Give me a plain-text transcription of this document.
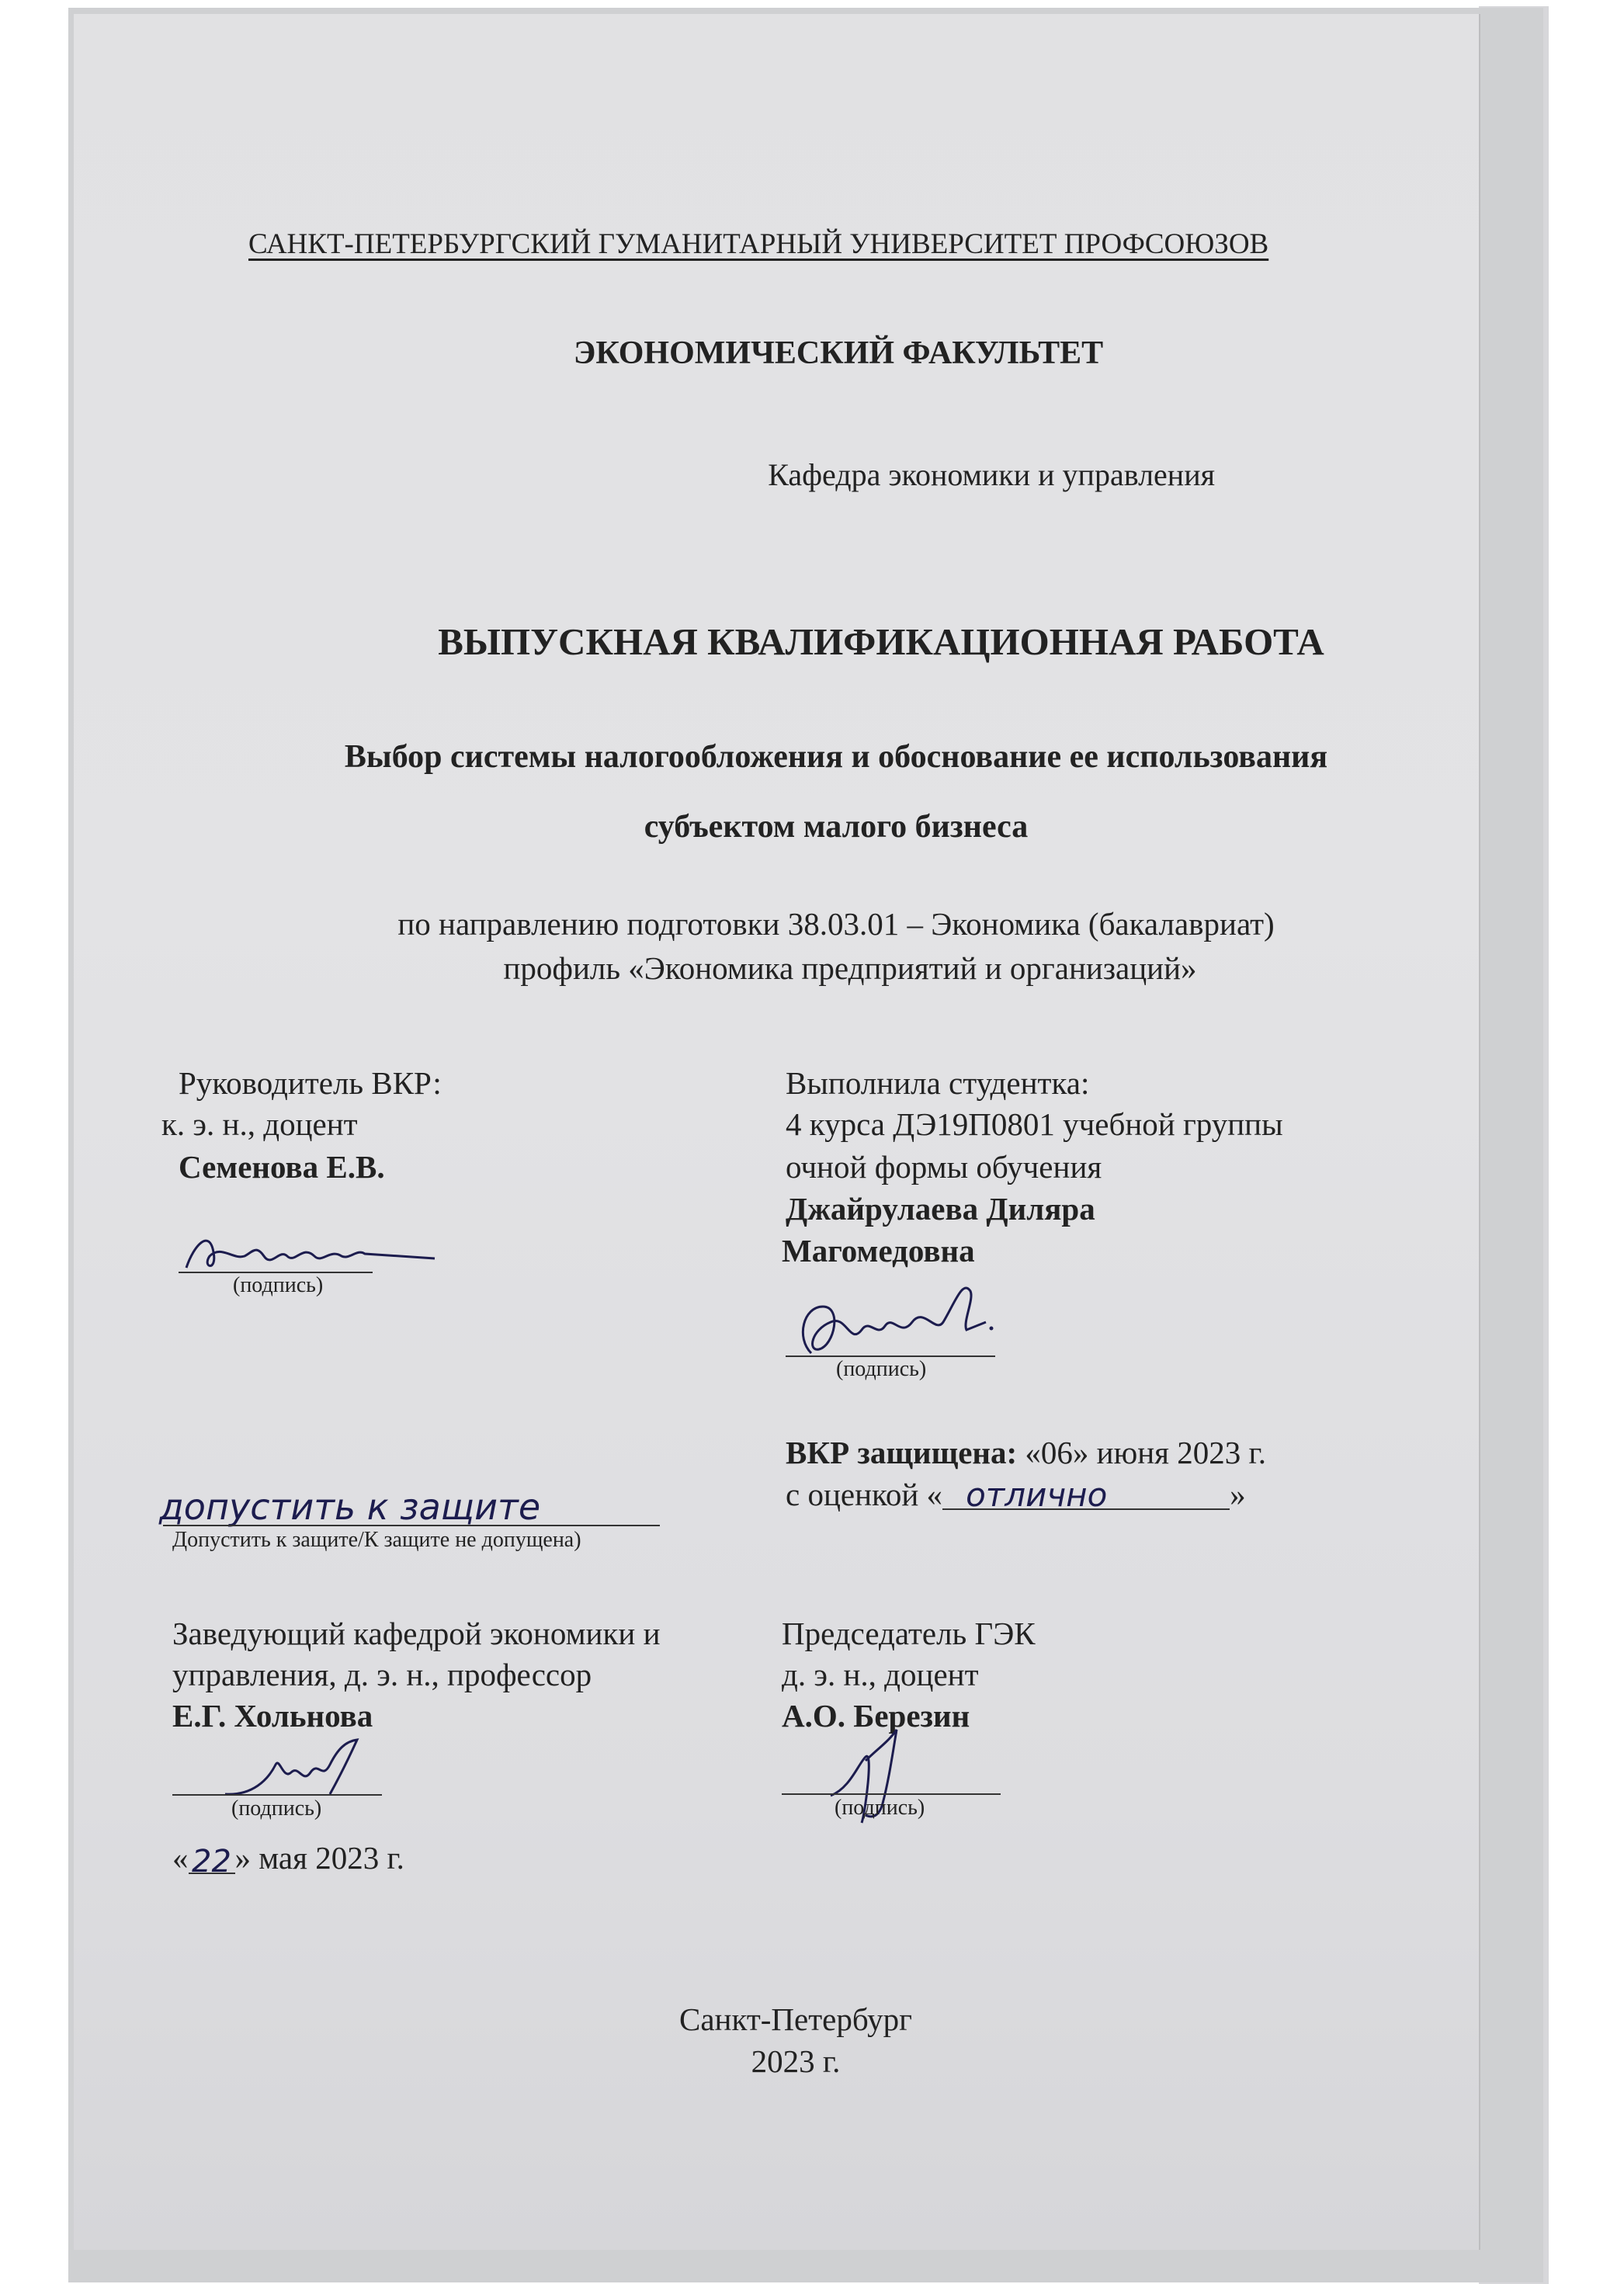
САНКТ-ПЕТЕРБУРГСКИЙ ГУМАНИТАРНЫЙ УНИВЕРСИТЕТ ПРОФСОЮЗОВ
ЭКОНОМИЧЕСКИЙ ФАКУЛЬТЕТ
Кафедра экономики и управления
ВЫПУСКНАЯ КВАЛИФИКАЦИОННАЯ РАБОТА
Выбор системы налогообложения и обоснование ее использования
субъектом малого бизнеса
по направлению подготовки 38.03.01 – Экономика (бакалавриат)
профиль «Экономика предприятий и организаций»
Руководитель ВКР:
к. э. н., доцент
Семенова Е.В.
Семенова (подпись)
Выполнила студентка:
4 курса ДЭ19П0801 учебной группы
очной формы обучения
Джайрулаева Диляра
Магомедовна
(подпись)
ВКР защищена: «06» июня 2023 г.
с оценкой « отлично	»
допустить к защите
Допустить к защите/К защите не допущена)
Заведующий кафедрой экономики и
управления, д. э. н., профессор
Е.Г. Хольнова
(подпись)
« 22 » мая 2023 г.
Председатель ГЭК
д. э. н., доцент
А.О. Березин
(подпись)
Санкт-Петербург
2023 г.
